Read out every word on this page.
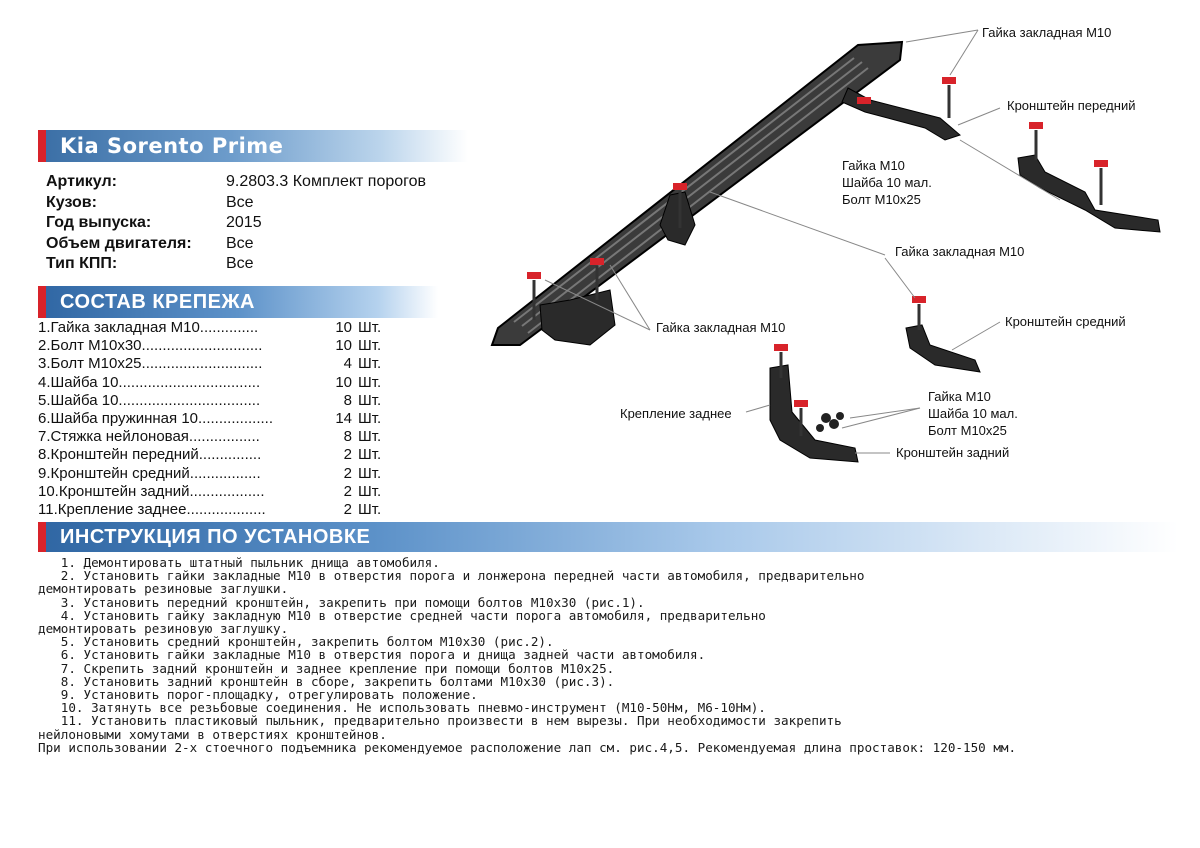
Kia Sorento Prime
Артикул:	9.2803.3 Комплект порогов
Кузов:	Все
Год выпуска:	2015
Объем двигателя:	Все
Тип КПП:	Все
СОСТАВ КРЕПЕЖА
1.Гайка закладная М10..............	10 Шт.
2.Болт М10х30.............................	10 Шт.
3.Болт М10х25.............................	4 Шт.
4.Шайба 10..................................	10 Шт.
5.Шайба 10..................................	8 Шт.
6.Шайба пружинная 10..................	14 Шт.
7.Стяжка нейлоновая.................	8 Шт.
8.Кронштейн передний...............	2 Шт.
9.Кронштейн средний.................	2 Шт.
10.Кронштейн задний..................	2 Шт.
11.Крепление заднее...................	2 Шт.
ИНСТРУКЦИЯ ПО УСТАНОВКЕ
1. Демонтировать штатный пыльник днища автомобиля.
2. Установить гайки закладные М10 в отверстия порога и лонжерона передней части автомобиля, предварительно
демонтировать резиновые заглушки.
3. Установить передний кронштейн, закрепить при помощи болтов М10х30 (рис.1).
4. Установить гайку закладную М10 в отверстие средней части порога автомобиля, предварительно
демонтировать резиновую заглушку.
5. Установить средний кронштейн, закрепить болтом М10х30 (рис.2).
6. Установить гайки закладные М10 в отверстия порога и днища задней части автомобиля.
7. Скрепить задний кронштейн и заднее крепление при помощи болтов М10х25.
8. Установить задний кронштейн в сборе, закрепить болтами М10х30 (рис.3).
9. Установить порог-площадку, отрегулировать положение.
10. Затянуть все резьбовые соединения. Не использовать пневмо-инструмент (М10-50Нм, М6-10Нм).
11. Установить пластиковый пыльник, предварительно произвести в нем вырезы. При необходимости закрепить
нейлоновыми хомутами в отверстиях кронштейнов.
При использовании 2-х стоечного подъемника рекомендуемое расположение лап см. рис.4,5. Рекомендуемая длина проставок: 120-150 мм.
Гайка закладная М10
Кронштейн передний
Гайка М10
Шайба 10 мал.
Болт М10х25
Гайка закладная М10
Гайка закладная М10	Кронштейн средний
Гайка М10
Шайба 10 мал.
Болт М10х25
Крепление заднее
Кронштейн задний
